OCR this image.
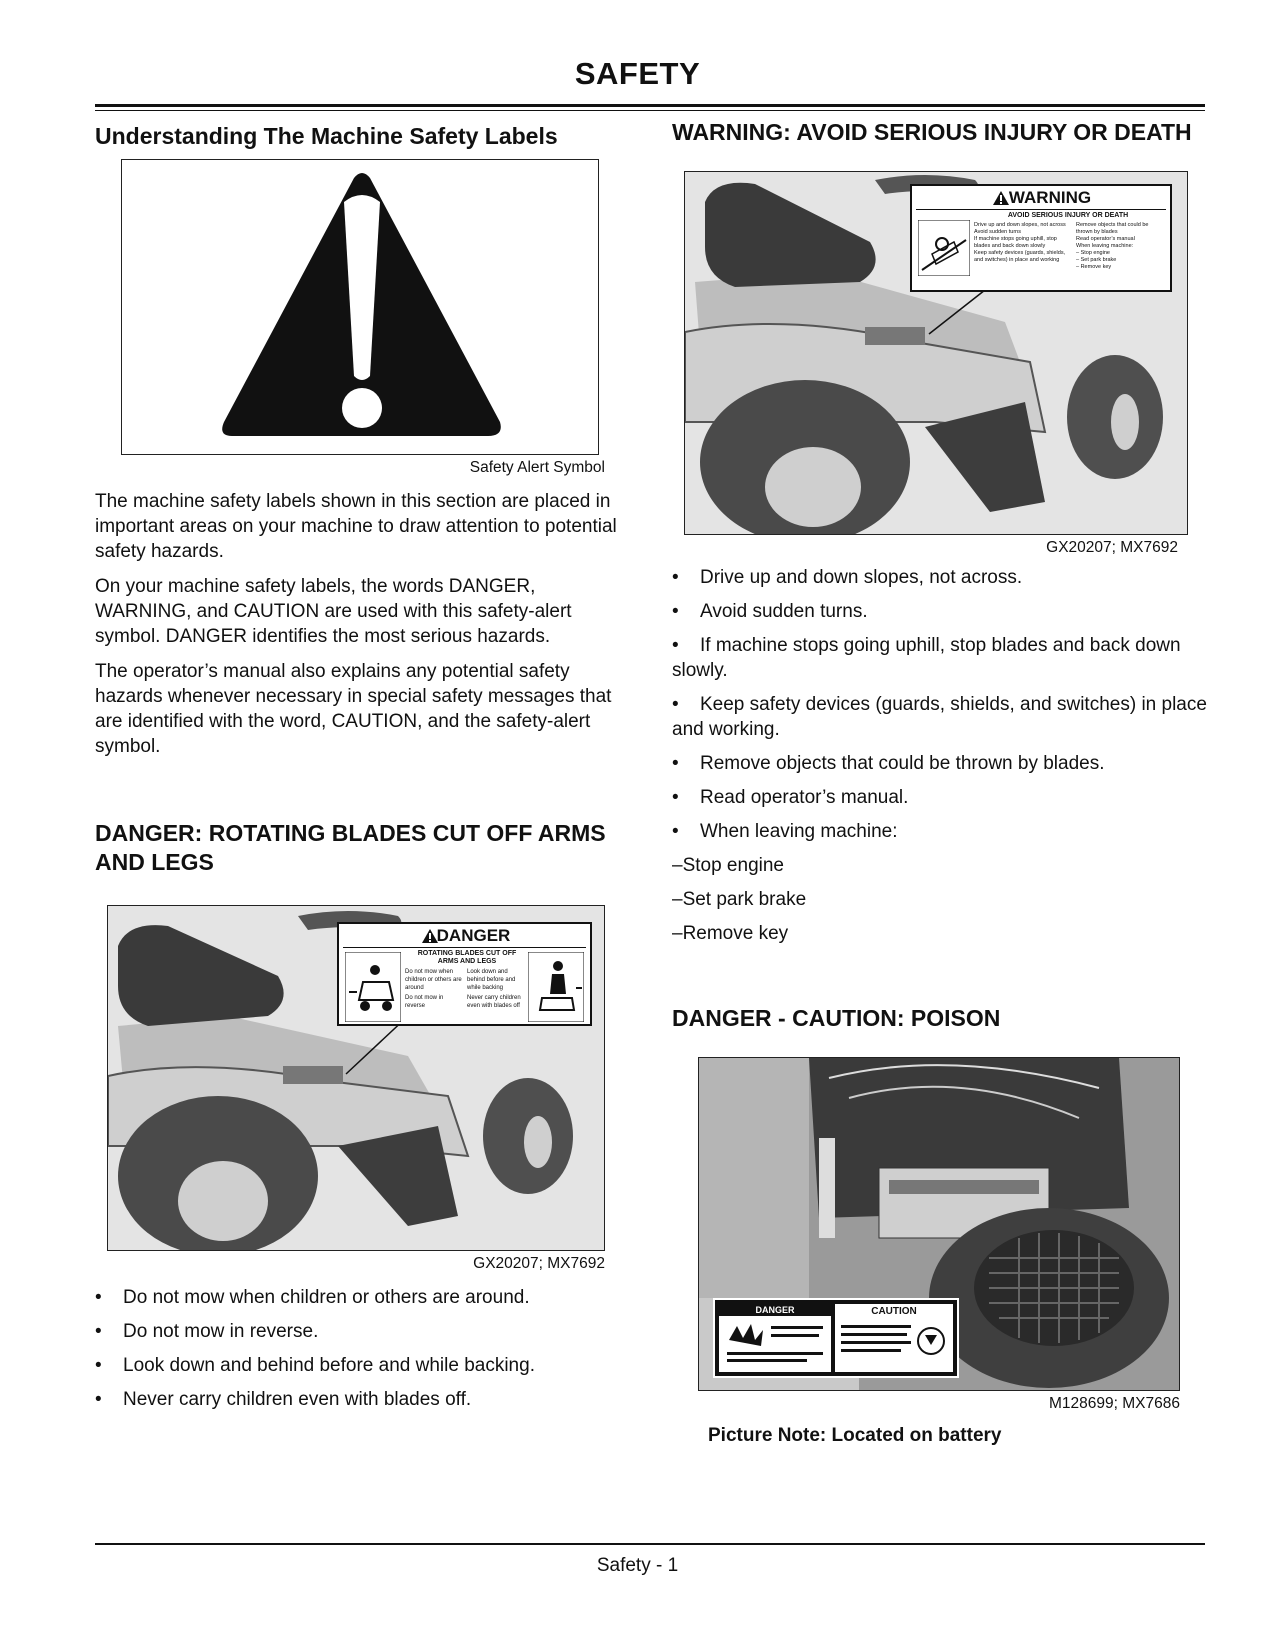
SAFETY
Understanding The Machine Safety Labels
Safety Alert Symbol

The machine safety labels shown in this section are placed in important areas on your machine to draw attention to potential safety hazards.

On your machine safety labels, the words DANGER, WARNING, and CAUTION are used with this safety-alert symbol. DANGER identifies the most serious hazards.

The operator’s manual also explains any potential safety hazards whenever necessary in special safety messages that are identified with the word, CAUTION, and the safety-alert symbol.

DANGER: ROTATING BLADES CUT OFF ARMS AND LEGS
DANGER
ROTATING BLADES CUT OFF ARMS AND LEGS
Do not mow when children or others are around
Do not mow in reverse
Look down and behind before and while backing
Never carry children even with blades off
GX20207; MX7692
• Do not mow when children or others are around.
• Do not mow in reverse.
• Look down and behind before and while backing.
• Never carry children even with blades off.
WARNING: AVOID SERIOUS INJURY OR DEATH
WARNING
AVOID SERIOUS INJURY OR DEATH
Drive up and down slopes, not across
Avoid sudden turns
If machine stops going uphill, stop blades and back down slowly
Keep safety devices (guards, shields, and switches) in place and working
Remove objects that could be thrown by blades
Read operator’s manual
When leaving machine:
– Stop engine
– Set park brake
– Remove key
GX20207; MX7692
• Drive up and down slopes, not across.
• Avoid sudden turns.
• If machine stops going uphill, stop blades and back down slowly.
• Keep safety devices (guards, shields, and switches) in place and working.
• Remove objects that could be thrown by blades.
• Read operator’s manual.
• When leaving machine:
–Stop engine
–Set park brake
–Remove key
DANGER - CAUTION: POISON
DANGER	CAUTION
M128699; MX7686
Picture Note: Located on battery
Safety - 1
